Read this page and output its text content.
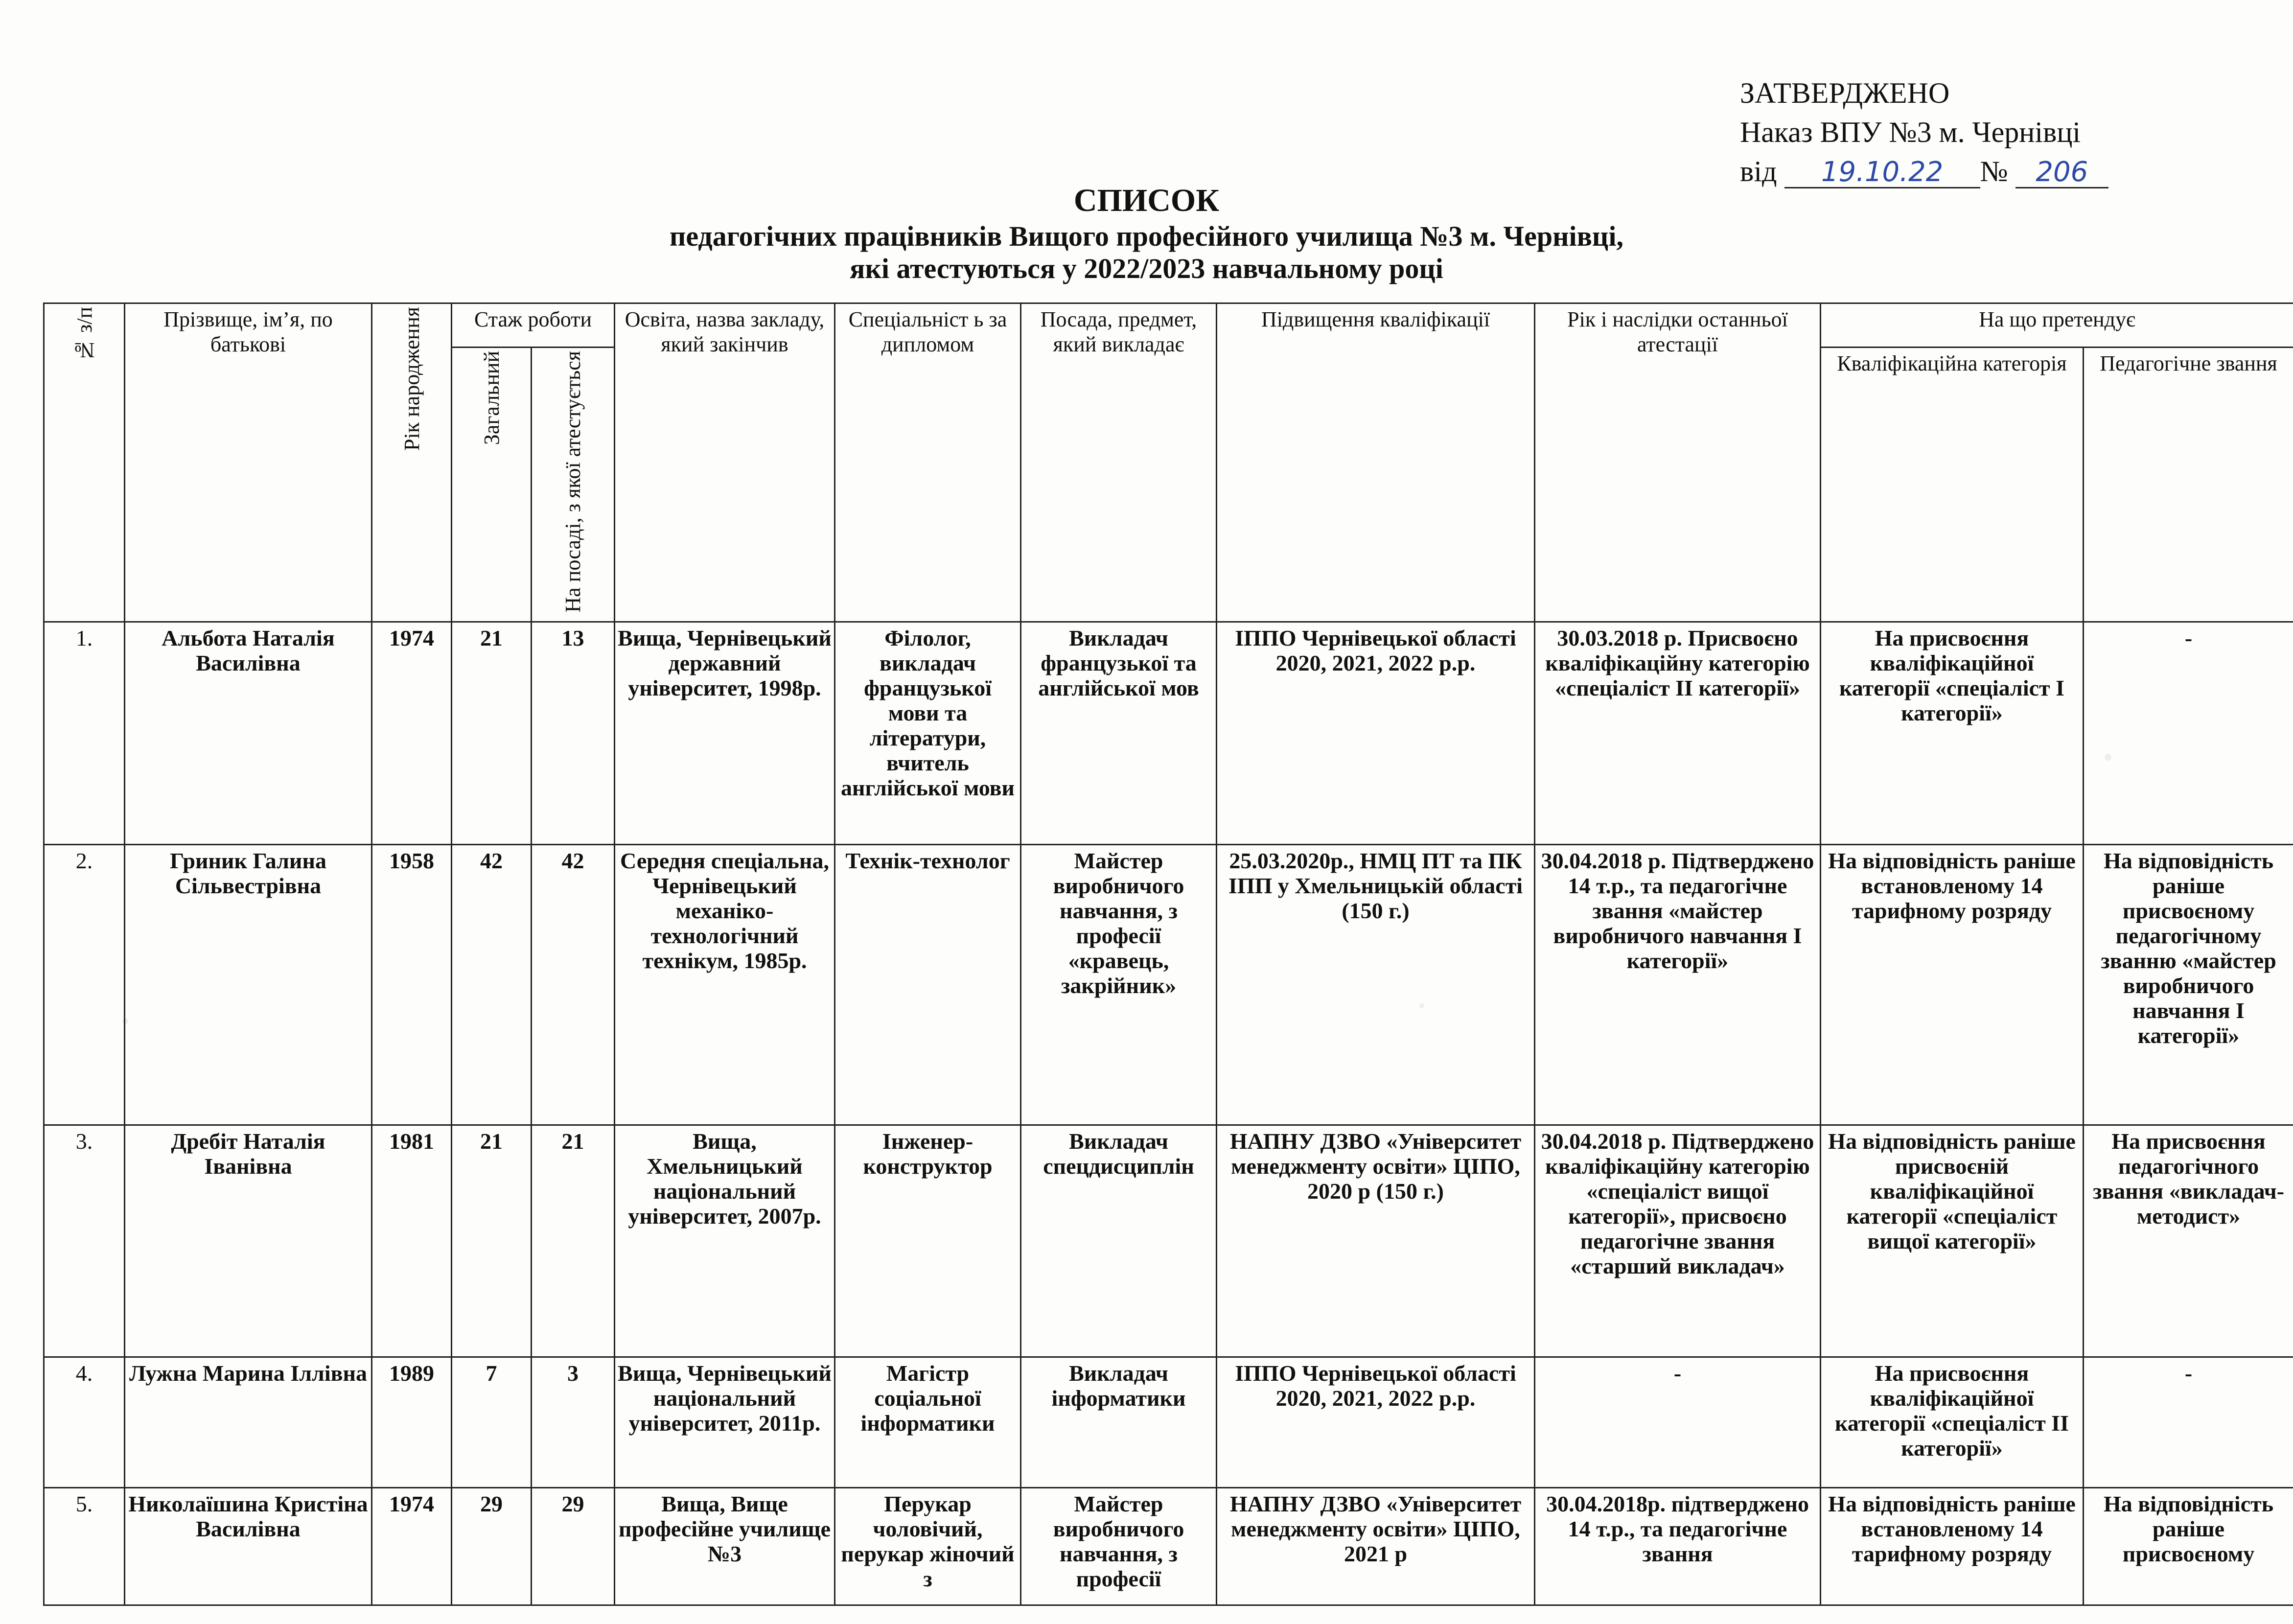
ЗАТВЕРДЖЕНО
Наказ ВПУ №3 м. Чернівці
від 19.10.22 № 206
СПИСОК
педагогічних працівників Вищого професійного училища №3 м. Чернівці,
які атестуються у 2022/2023 навчальному році
№ з/п	Прізвище, ім’я, по батькові	Рік народження	Стаж роботи		Освіта, назва закладу, який закінчив	Спеціальніст ь за дипломом	Посада, предмет, який викладає	Підвищення кваліфікації	Рік і наслідки останньої атестації	На що претендує	
			Загальний	На посаді, з якої атестується						Кваліфікаційна категорія	Педагогічне звання

1.	Альбота Наталія Василівна	1974	21	13	Вища, Чернівецький державний університет, 1998р.	Філолог, викладач французької мови та літератури, вчитель англійської мови	Викладач французької та англійської мов	ІППО Чернівецької області 2020, 2021, 2022 р.р.	30.03.2018 р. Присвоєно кваліфікаційну категорію «спеціаліст ІІ категорії»	На присвоєння кваліфікаційної категорії «спеціаліст І категорії»	-
2.	Гриник Галина Сільвестрівна	1958	42	42	Середня спеціальна, Чернівецький механіко-технологічний технікум, 1985р.	Технік-технолог	Майстер виробничого навчання, з професії «кравець, закрійник»	25.03.2020р., НМЦ ПТ та ПК ІПП у Хмельницькій області (150 г.)	30.04.2018 р. Підтверджено 14 т.р., та педагогічне звання «майстер виробничого навчання І категорії»	На відповідність раніше встановленому 14 тарифному розряду	На відповідність раніше присвоєному педагогічному званню «майстер виробничого навчання І категорії»
3.	Дребіт Наталія Іванівна	1981	21	21	Вища, Хмельницький національний університет, 2007р.	Інженер-конструктор	Викладач спецдисциплін	НАПНУ ДЗВО «Університет менеджменту освіти» ЦІПО, 2020 р (150 г.)	30.04.2018 р. Підтверджено кваліфікаційну категорію «спеціаліст вищої категорії», присвоєно педагогічне звання «старший викладач»	На відповідність раніше присвоєній кваліфікаційної категорії «спеціаліст вищої категорії»	На присвоєння педагогічного звання «викладач-методист»
4.	Лужна Марина Іллівна	1989	7	3	Вища, Чернівецький національний університет, 2011р.	Магістр соціальної інформатики	Викладач інформатики	ІППО Чернівецької області 2020, 2021, 2022 р.р.	-	На присвоєння кваліфікаційної категорії «спеціаліст ІІ категорії»	-
5.	Николаїшина Кристіна Василівна	1974	29	29	Вища, Вище професійне училище №3	Перукар чоловічий, перукар жіночий з	Майстер виробничого навчання, з професії	НАПНУ ДЗВО «Університет менеджменту освіти» ЦІПО, 2021 р	30.04.2018р. підтверджено 14 т.р., та педагогічне звання	На відповідність раніше встановленому 14 тарифному розряду	На відповідність раніше присвоєному
